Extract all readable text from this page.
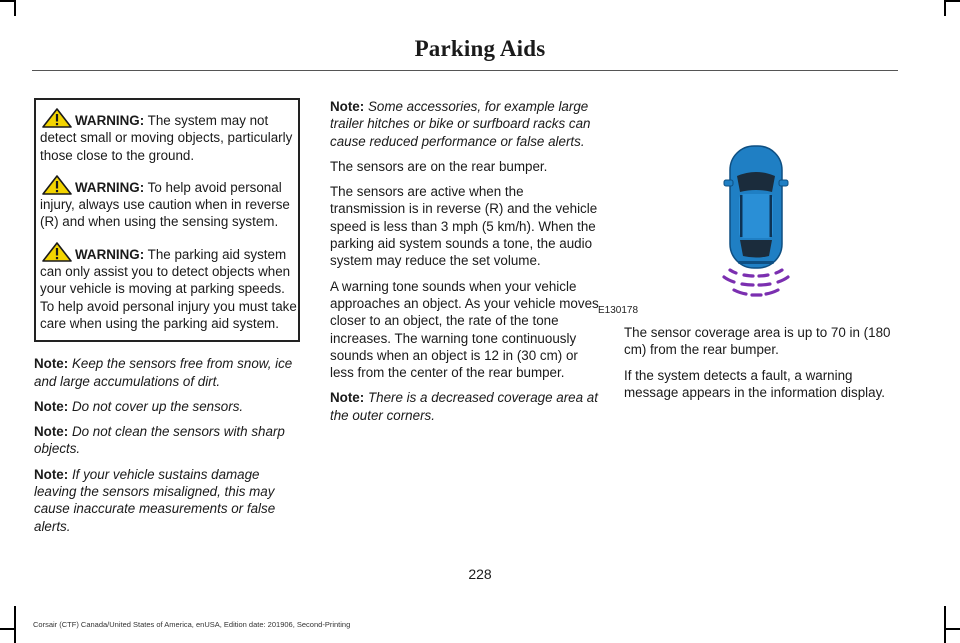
Parking Aids

WARNING: The system may not detect small or moving objects, particularly those close to the ground.

WARNING: To help avoid personal injury, always use caution when in reverse (R) and when using the sensing system.

WARNING: The parking aid system can only assist you to detect objects when your vehicle is moving at parking speeds. To help avoid personal injury you must take care when using the parking aid system.

Note: Keep the sensors free from snow, ice and large accumulations of dirt.

Note: Do not cover up the sensors.

Note: Do not clean the sensors with sharp objects.

Note: If your vehicle sustains damage leaving the sensors misaligned, this may cause inaccurate measurements or false alerts.

Note: Some accessories, for example large trailer hitches or bike or surfboard racks can cause reduced performance or false alerts.

The sensors are on the rear bumper.

The sensors are active when the transmission is in reverse (R) and the vehicle speed is less than 3 mph (5 km/h). When the parking aid system sounds a tone, the audio system may reduce the set volume.

A warning tone sounds when your vehicle approaches an object. As your vehicle moves closer to an object, the rate of the tone increases. The warning tone continuously sounds when an object is 12 in (30 cm) or less from the center of the rear bumper.

Note: There is a decreased coverage area at the outer corners.

E130178

The sensor coverage area is up to 70 in (180 cm) from the rear bumper.

If the system detects a fault, a warning message appears in the information display.

228
Corsair (CTF) Canada/United States of America, enUSA, Edition date: 201906, Second-Printing
